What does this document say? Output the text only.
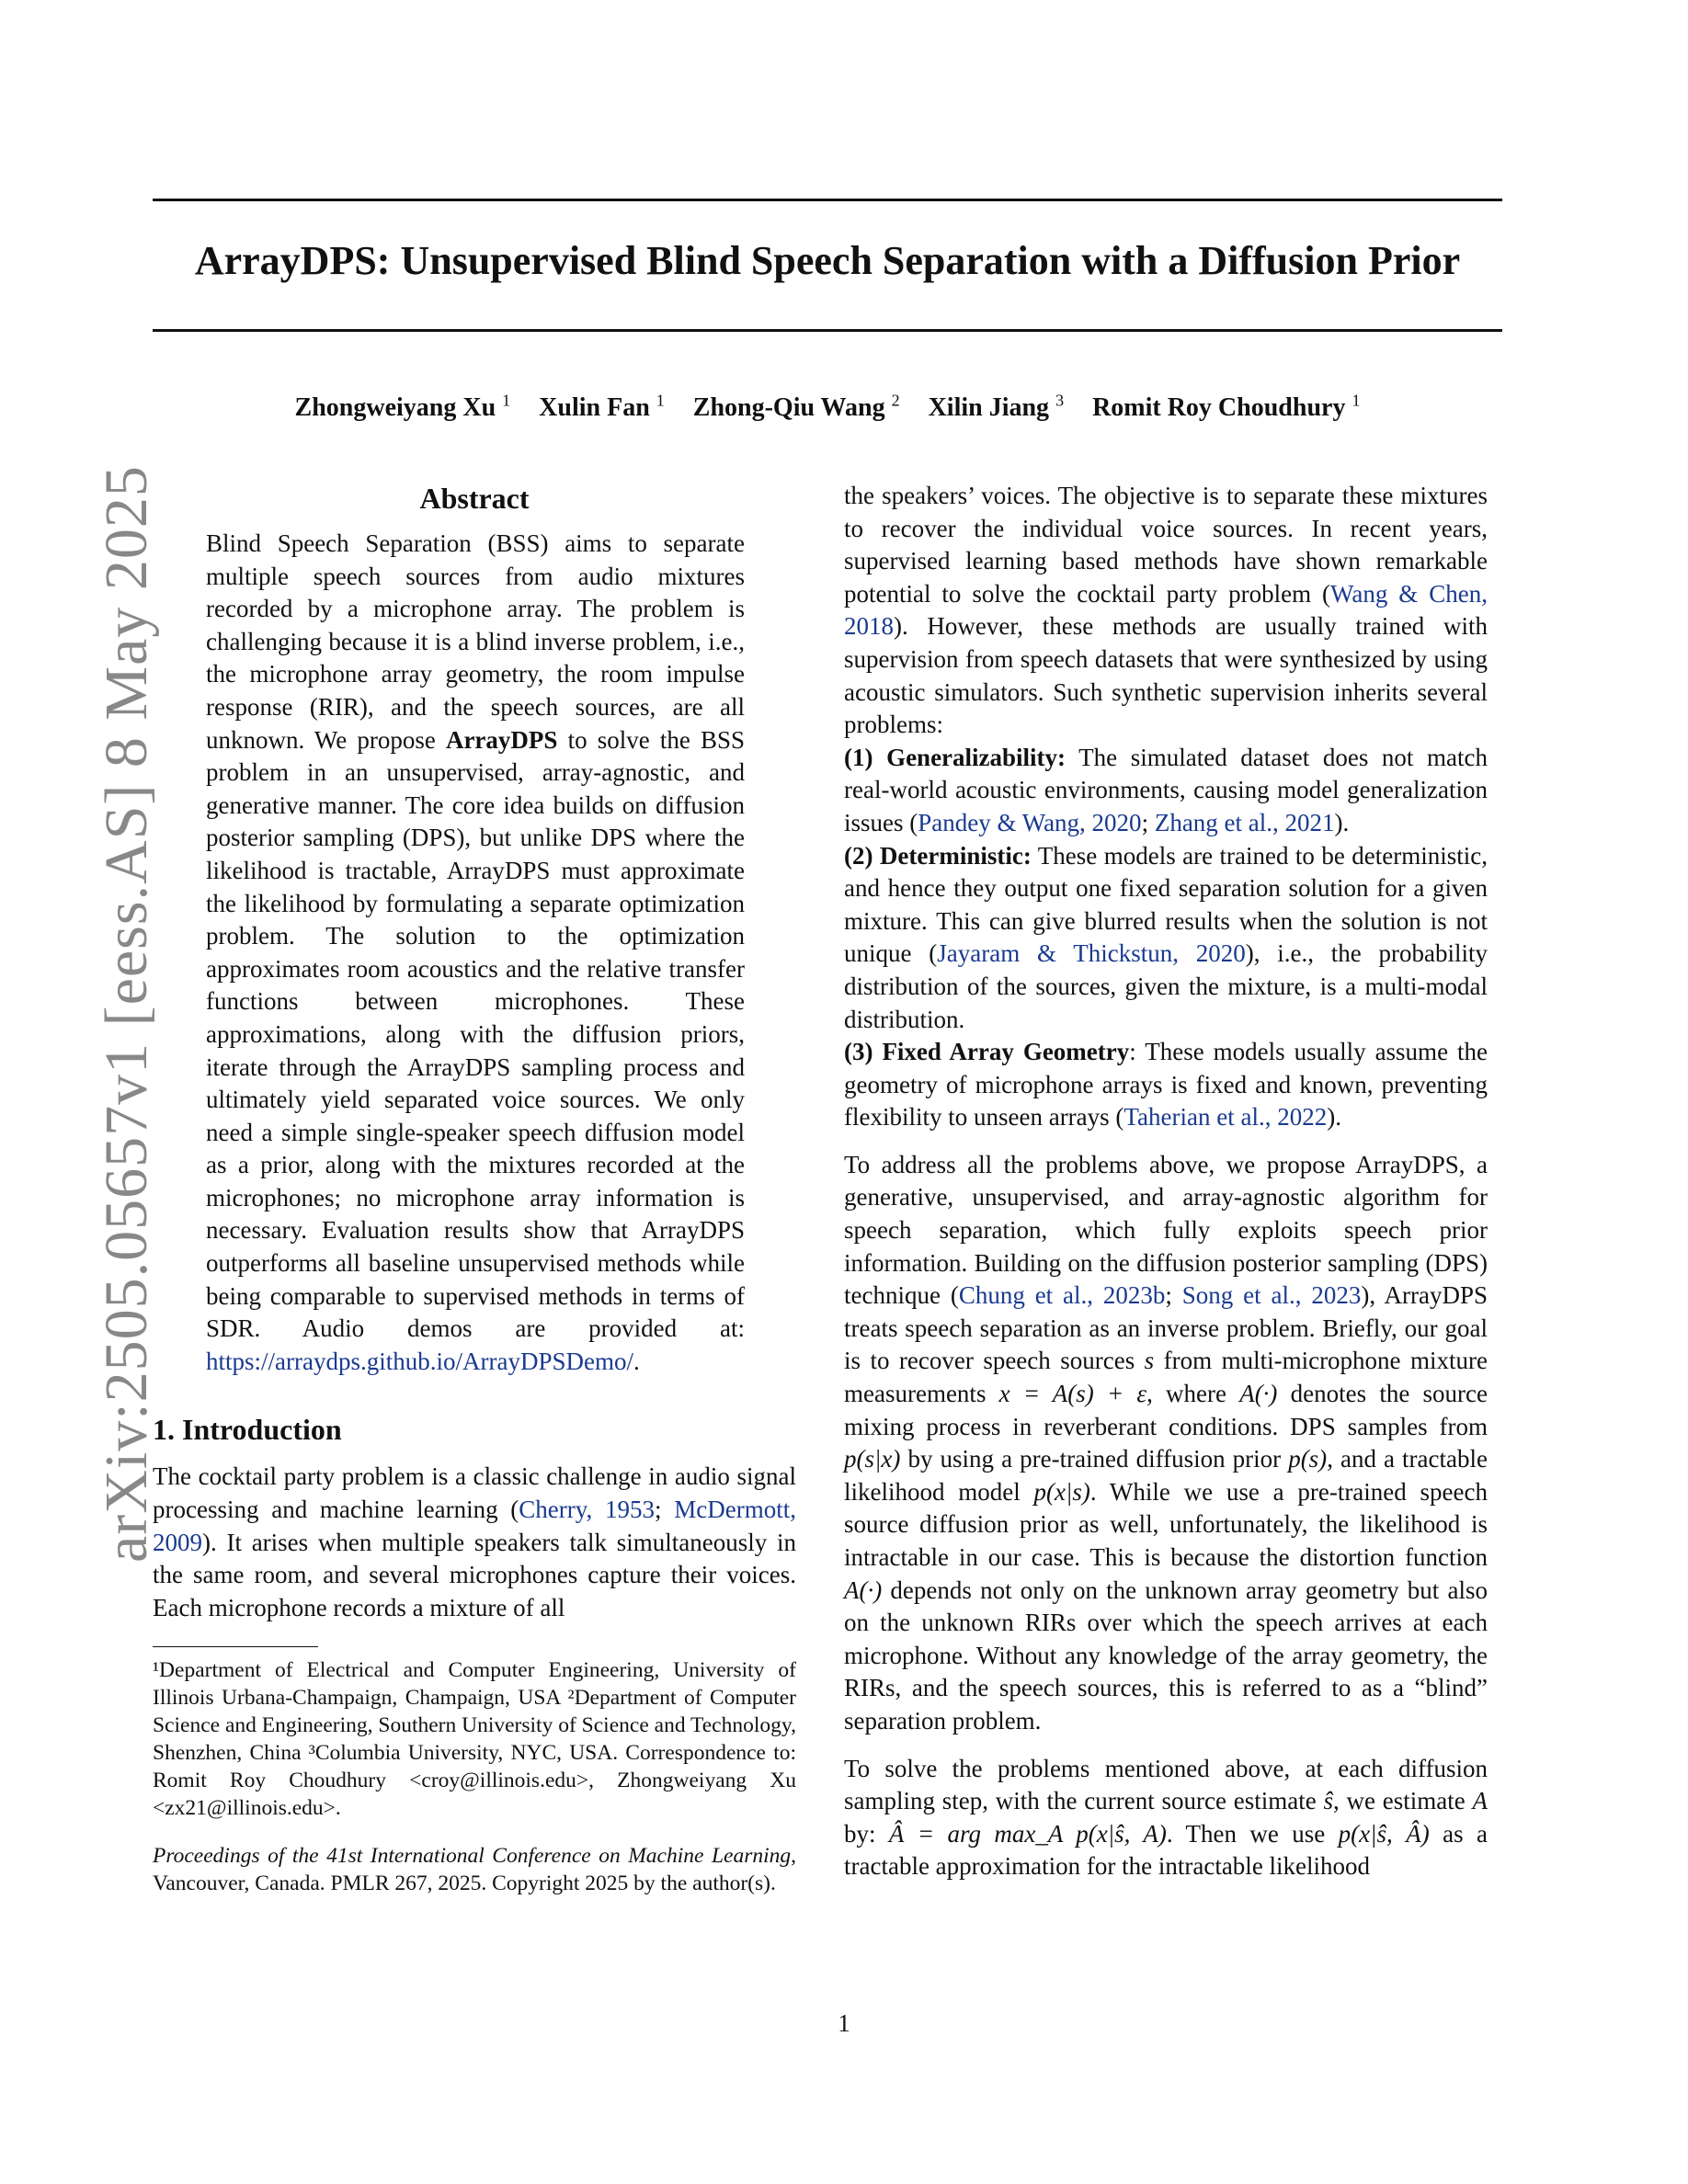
ArrayDPS: Unsupervised Blind Speech Separation with a Diffusion Prior
Zhongweiyang Xu $^1$ Xulin Fan $^1$ Zhong-Qiu Wang $^2$ Xilin Jiang $^3$ Romit Roy Choudhury $^1$
arXiv:2505.05657v1 [eess.AS] 8 May 2025	Abstract

Blind Speech Separation (BSS) aims to separate multiple speech sources from audio mixtures recorded by a microphone array. The problem is challenging because it is a blind inverse problem, i.e., the microphone array geometry, the room impulse response (RIR), and the speech sources, are all unknown. We propose ArrayDPS to solve the BSS problem in an unsupervised, array-agnostic, and generative manner. The core idea builds on diffusion posterior sampling (DPS), but unlike DPS where the likelihood is tractable, ArrayDPS must approximate the likelihood by formulating a separate optimization problem. The solution to the optimization approximates room acoustics and the relative transfer functions between microphones. These approximations, along with the diffusion priors, iterate through the ArrayDPS sampling process and ultimately yield separated voice sources. We only need a simple single-speaker speech diffusion model as a prior, along with the mixtures recorded at the microphones; no microphone array information is necessary. Evaluation results show that ArrayDPS outperforms all baseline unsupervised methods while being comparable to supervised methods in terms of SDR. Audio demos are provided at: https://arraydps.github.io/ArrayDPSDemo/.

1. Introduction

The cocktail party problem is a classic challenge in audio signal processing and machine learning (Cherry, 1953; McDermott, 2009). It arises when multiple speakers talk simultaneously in the same room, and several microphones capture their voices. Each microphone records a mixture of all

¹Department of Electrical and Computer Engineering, University of Illinois Urbana-Champaign, Champaign, USA ²Department of Computer Science and Engineering, Southern University of Science and Technology, Shenzhen, China ³Columbia University, NYC, USA. Correspondence to: Romit Roy Choudhury <croy@illinois.edu>, Zhongweiyang Xu <zx21@illinois.edu>.
Proceedings of the 41st International Conference on Machine Learning, Vancouver, Canada. PMLR 267, 2025. Copyright 2025 by the author(s).

the speakers’ voices. The objective is to separate these mixtures to recover the individual voice sources. In recent years, supervised learning based methods have shown remarkable potential to solve the cocktail party problem (Wang & Chen, 2018). However, these methods are usually trained with supervision from speech datasets that were synthesized by using acoustic simulators. Such synthetic supervision inherits several problems:
(1) Generalizability: The simulated dataset does not match real-world acoustic environments, causing model generalization issues (Pandey & Wang, 2020; Zhang et al., 2021).
(2) Deterministic: These models are trained to be deterministic, and hence they output one fixed separation solution for a given mixture. This can give blurred results when the solution is not unique (Jayaram & Thickstun, 2020), i.e., the probability distribution of the sources, given the mixture, is a multi-modal distribution.
(3) Fixed Array Geometry: These models usually assume the geometry of microphone arrays is fixed and known, preventing flexibility to unseen arrays (Taherian et al., 2022).

To address all the problems above, we propose ArrayDPS, a generative, unsupervised, and array-agnostic algorithm for speech separation, which fully exploits speech prior information. Building on the diffusion posterior sampling (DPS) technique (Chung et al., 2023b; Song et al., 2023), ArrayDPS treats speech separation as an inverse problem. Briefly, our goal is to recover speech sources s from multi-microphone mixture measurements x = A(s) + ε, where A(·) denotes the source mixing process in reverberant conditions. DPS samples from p(s|x) by using a pre-trained diffusion prior p(s), and a tractable likelihood model p(x|s). While we use a pre-trained speech source diffusion prior as well, unfortunately, the likelihood is intractable in our case. This is because the distortion function A(·) depends not only on the unknown array geometry but also on the unknown RIRs over which the speech arrives at each microphone. Without any knowledge of the array geometry, the RIRs, and the speech sources, this is referred to as a “blind” separation problem.

To solve the problems mentioned above, at each diffusion sampling step, with the current source estimate ŝ, we estimate A by: Â = arg max_A p(x|ŝ, A). Then we use p(x|ŝ, Â) as a tractable approximation for the intractable likelihood

1
